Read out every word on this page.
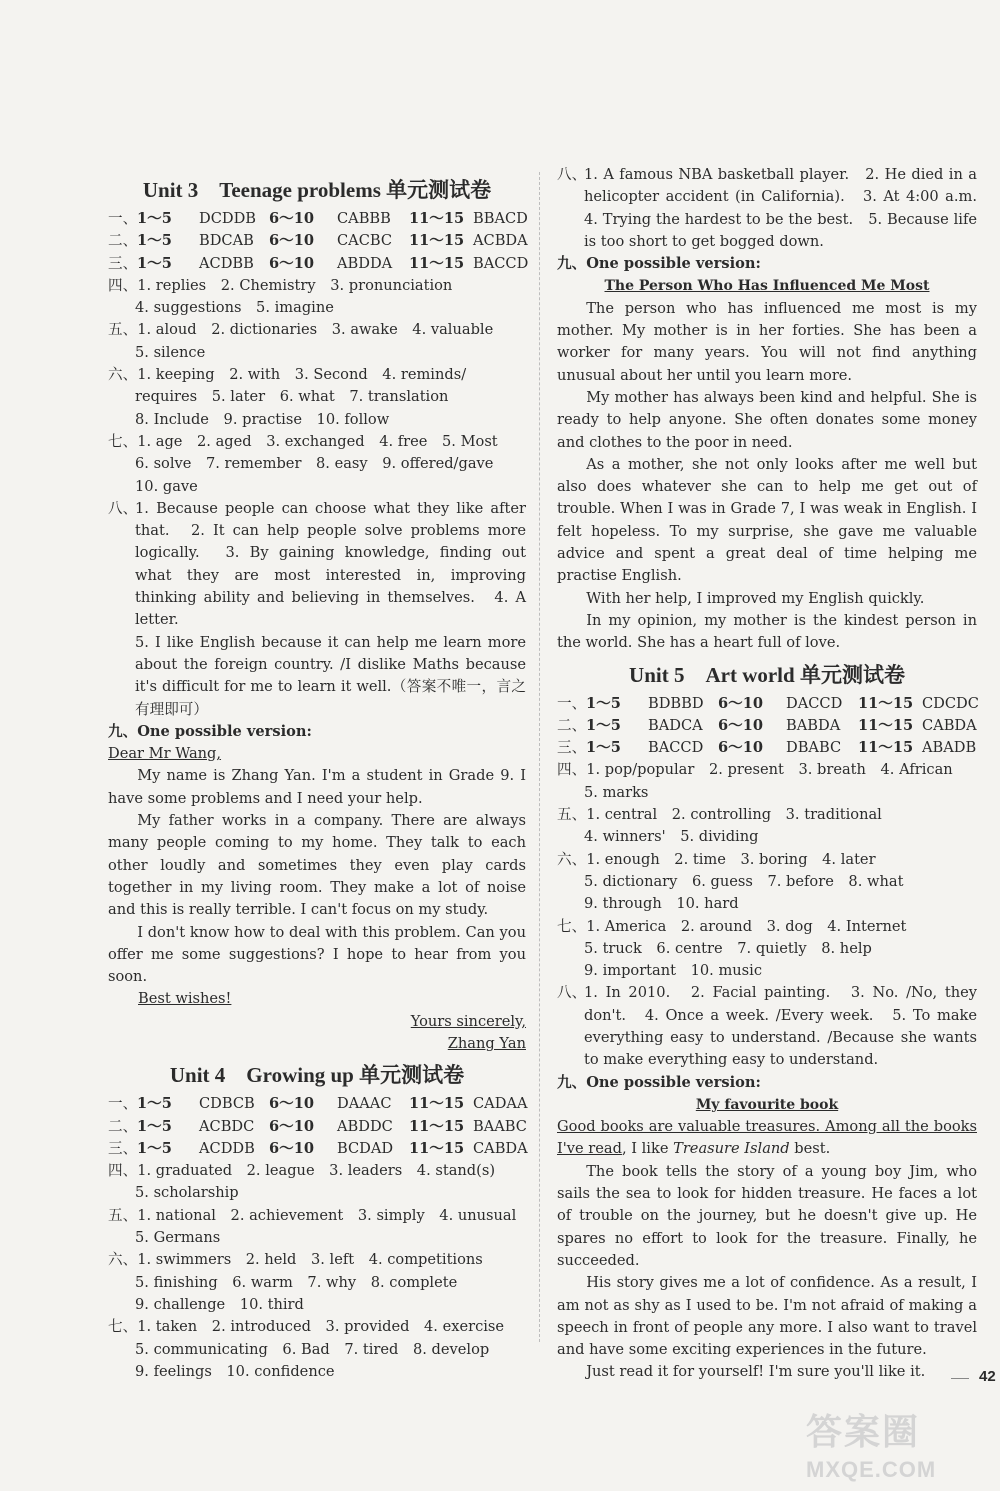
Unit 3　Teenage problems 单元测试卷
一、1～5 DCDDB 6～10 CABBB 11～15 BBACD
二、1～5 BDCAB 6～10 CACBC 11～15 ACBDA
三、1～5 ACDBB 6～10 ABDDA 11～15 BACCD
四、1. replies　2. Chemistry　3. pronunciation
4. suggestions　5. imagine
五、1. aloud　2. dictionaries　3. awake　4. valuable
5. silence
六、1. keeping　2. with　3. Second　4. reminds/
requires　5. later　6. what　7. translation
8. Include　9. practise　10. follow
七、1. age　2. aged　3. exchanged　4. free　5. Most
6. solve　7. remember　8. easy　9. offered/gave
10. gave
八、

1. Because people can choose what they like after that.　2. It can help people solve problems more logically.　3. By gaining knowledge, finding out what they are most interested in, improving thinking ability and believing in themselves.　4. A letter.

5. I like English because it can help me learn more about the foreign country. /I dislike Maths because it's difficult for me to learn it well.（答案不唯一，言之有理即可）

九、One possible version:
Dear Mr Wang,

My name is Zhang Yan. I'm a student in Grade 9. I have some problems and I need your help.

My father works in a company. There are always many people coming to my home. They talk to each other loudly and sometimes they even play cards together in my living room. They make a lot of noise and this is really terrible. I can't focus on my study.

I don't know how to deal with this problem. Can you offer me some suggestions? I hope to hear from you soon.

Best wishes!
Yours sincerely,
Zhang Yan
Unit 4　Growing up 单元测试卷
一、1～5 CDBCB 6～10 DAAAC 11～15 CADAA
二、1～5 ACBDC 6～10 ABDDC 11～15 BAABC
三、1～5 ACDDB 6～10 BCDAD 11～15 CABDA
四、1. graduated　2. league　3. leaders　4. stand(s)
5. scholarship
五、1. national　2. achievement　3. simply　4. unusual
5. Germans
六、1. swimmers　2. held　3. left　4. competitions
5. finishing　6. warm　7. why　8. complete
9. challenge　10. third
七、1. taken　2. introduced　3. provided　4. exercise
5. communicating　6. Bad　7. tired　8. develop
9. feelings　10. confidence
八、

1. A famous NBA basketball player.　2. He died in a helicopter accident (in California).　3. At 4:00 a.m.　4. Trying the hardest to be the best.　5. Because life is too short to get bogged down.

九、One possible version:
The Person Who Has Influenced Me Most

The person who has influenced me most is my mother. My mother is in her forties. She has been a worker for many years. You will not find anything unusual about her until you learn more.

My mother has always been kind and helpful. She is ready to help anyone. She often donates some money and clothes to the poor in need.

As a mother, she not only looks after me well but also does whatever she can to help me get out of trouble. When I was in Grade 7, I was weak in English. I felt hopeless. To my surprise, she gave me valuable advice and spent a great deal of time helping me practise English.

With her help, I improved my English quickly.

In my opinion, my mother is the kindest person in the world. She has a heart full of love.

Unit 5　Art world 单元测试卷
一、1～5 BDBBD 6～10 DACCD 11～15 CDCDC
二、1～5 BADCA 6～10 BABDA 11～15 CABDA
三、1～5 BACCD 6～10 DBABC 11～15 ABADB
四、1. pop/popular　2. present　3. breath　4. African
5. marks
五、1. central　2. controlling　3. traditional
4. winners'　5. dividing
六、1. enough　2. time　3. boring　4. later
5. dictionary　6. guess　7. before　8. what
9. through　10. hard
七、1. America　2. around　3. dog　4. Internet
5. truck　6. centre　7. quietly　8. help
9. important　10. music
八、

1. In 2010.　2. Facial painting.　3. No. /No, they don't.　4. Once a week. /Every week.　5. To make everything easy to understand. /Because she wants to make everything easy to understand.

九、One possible version:
My favourite book

Good books are valuable treasures. Among all the books I've read, I like Treasure Island best.

The book tells the story of a young boy Jim, who sails the sea to look for hidden treasure. He faces a lot of trouble on the journey, but he doesn't give up. He spares no effort to look for the treasure. Finally, he succeeded.

His story gives me a lot of confidence. As a result, I am not as shy as I used to be. I'm not afraid of making a speech in front of people any more. I also want to travel and have some exciting experiences in the future.

Just read it for yourself! I'm sure you'll like it.	42
答案圈
MXQE.COM
